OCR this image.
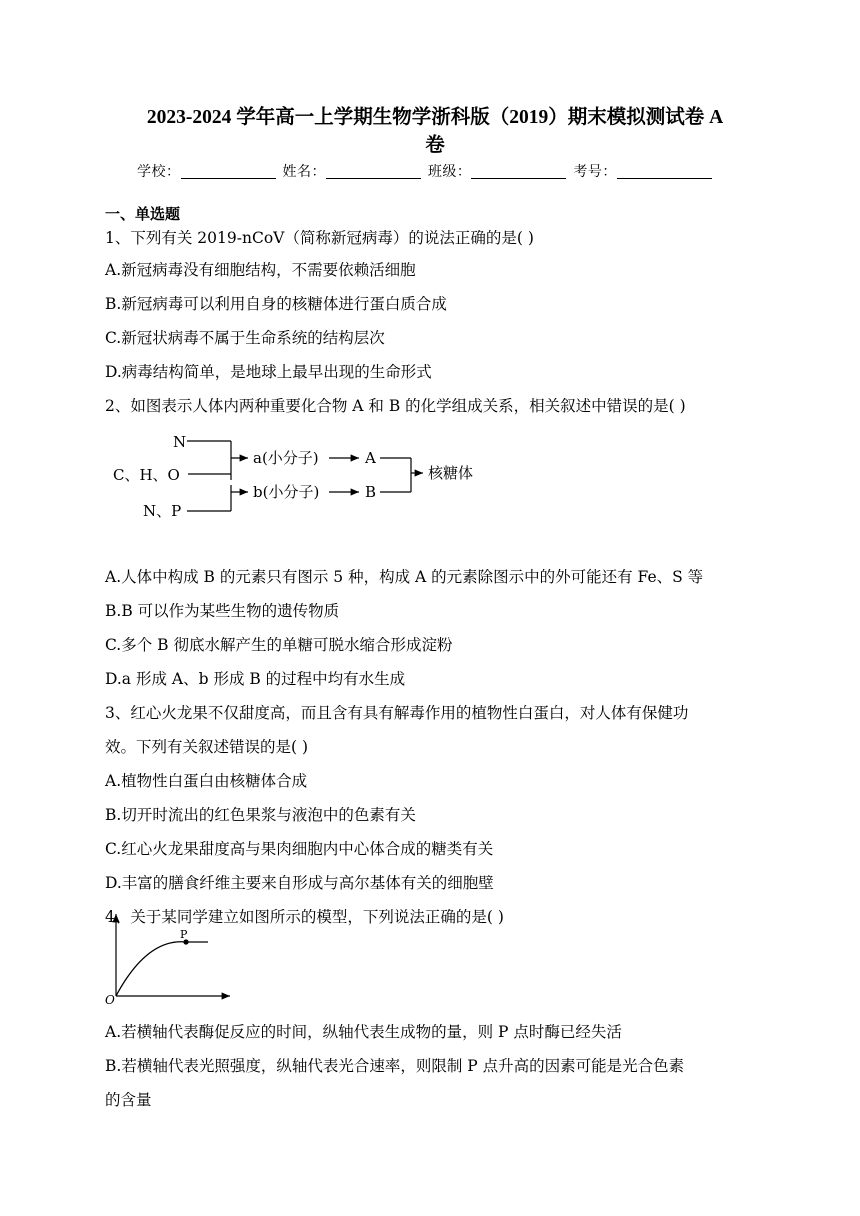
2023-2024 学年高一上学期生物学浙科版（2019）期末模拟测试卷 A
卷
学校：	姓名：	班级：	考号：
一、单选题
1、下列有关 2019-nCoV（简称新冠病毒）的说法正确的是( )
A.新冠病毒没有细胞结构，不需要依赖活细胞
B.新冠病毒可以利用自身的核糖体进行蛋白质合成
C.新冠状病毒不属于生命系统的结构层次
D.病毒结构简单，是地球上最早出现的生命形式
2、如图表示人体内两种重要化合物 A 和 B 的化学组成关系，相关叙述中错误的是( )
N
C、H、O
N、P
a(小分子)
b(小分子)
A
B
核糖体
A.人体中构成 B 的元素只有图示 5 种，构成 A 的元素除图示中的外可能还有 Fe、S 等
B.B 可以作为某些生物的遗传物质
C.多个 B 彻底水解产生的单糖可脱水缩合形成淀粉
D.a 形成 A、b 形成 B 的过程中均有水生成
3、红心火龙果不仅甜度高，而且含有具有解毒作用的植物性白蛋白，对人体有保健功
效。下列有关叙述错误的是( )
A.植物性白蛋白由核糖体合成
B.切开时流出的红色果浆与液泡中的色素有关
C.红心火龙果甜度高与果肉细胞内中心体合成的糖类有关
D.丰富的膳食纤维主要来自形成与高尔基体有关的细胞壁
4、关于某同学建立如图所示的模型，下列说法正确的是( )
O
P
A.若横轴代表酶促反应的时间，纵轴代表生成物的量，则 P 点时酶已经失活
B.若横轴代表光照强度，纵轴代表光合速率，则限制 P 点升高的因素可能是光合色素
的含量
